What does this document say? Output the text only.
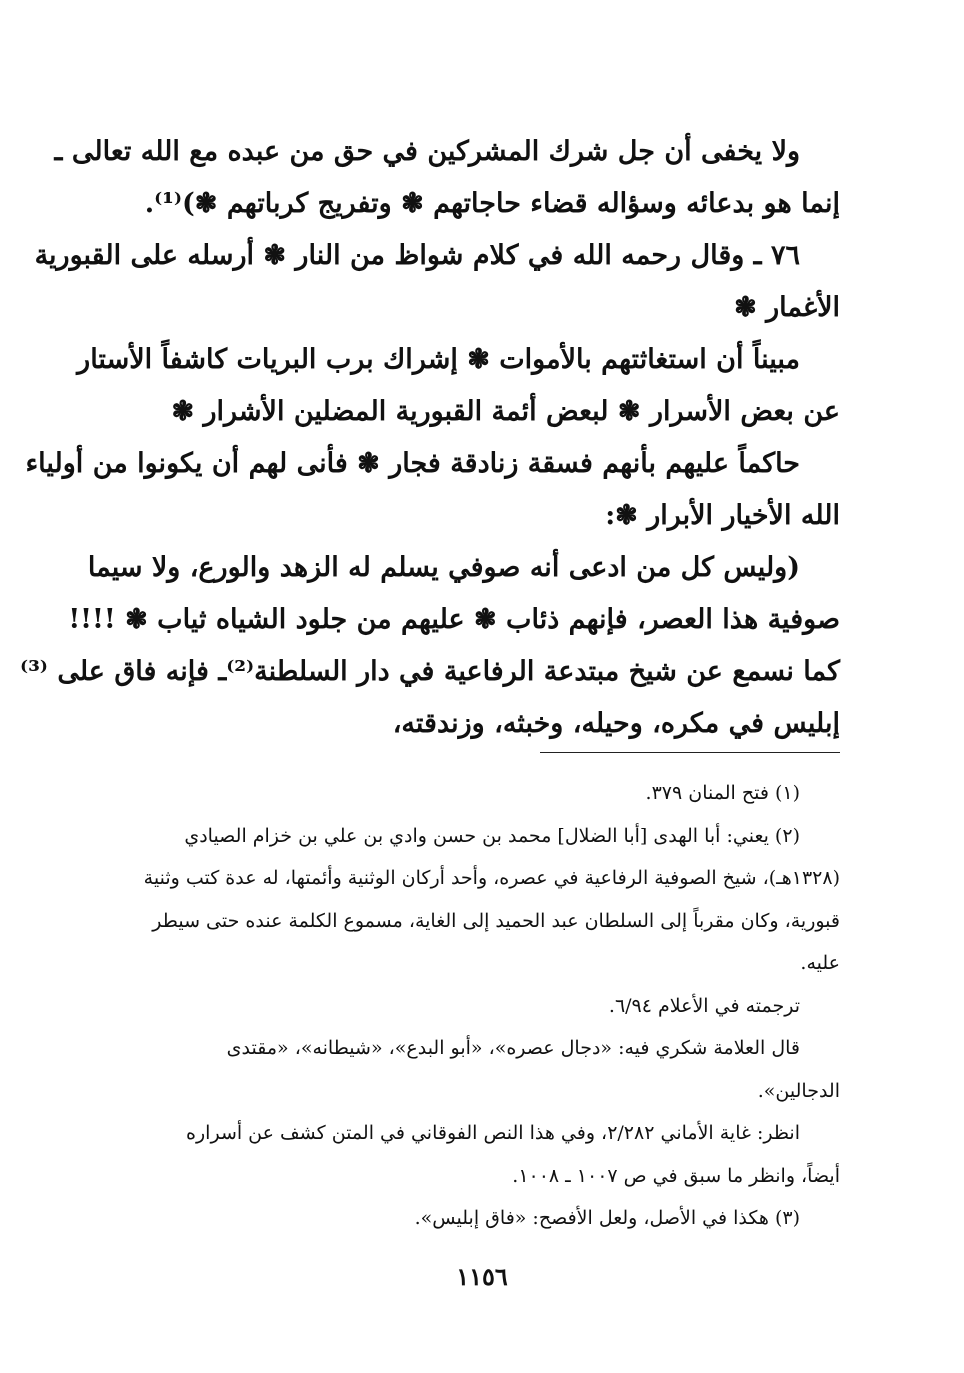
ولا يخفى أن جل شرك المشركين في حق من عبده مع الله تعالى ـ
إنما هو بدعائه وسؤاله قضاء حاجاتهم ❃ وتفريج كرباتهم ❃)⁽¹⁾.
٧٦ ـ وقال رحمه الله في كلام شواظ من النار ❃ أرسله على القبورية
الأغمار ❃
مبيناً أن استغاثتهم بالأموات ❃ إشراك برب البريات كاشفاً الأستار
عن بعض الأسرار ❃ لبعض أئمة القبورية المضلين الأشرار ❃
حاكماً عليهم بأنهم فسقة زنادقة فجار ❃ فأنى لهم أن يكونوا من أولياء
الله الأخيار الأبرار ❃:
(وليس كل من ادعى أنه صوفي يسلم له الزهد والورع، ولا سيما
صوفية هذا العصر، فإنهم ذئاب ❃ عليهم من جلود الشياه ثياب ❃ !!!!
كما نسمع عن شيخ مبتدعة الرفاعية في دار السلطنة⁽²⁾ـ فإنه فاق على ⁽³⁾
إبليس في مكره، وحيله، وخبثه، وزندقته،
(١) فتح المنان ٣٧٩.
(٢) يعني: أبا الهدى [أبا الضلال] محمد بن حسن وادي بن علي بن خزام الصيادي
(١٣٢٨هـ)، شيخ الصوفية الرفاعية في عصره، وأحد أركان الوثنية وأئمتها، له عدة كتب وثنية
قبورية، وكان مقرباً إلى السلطان عبد الحميد إلى الغاية، مسموع الكلمة عنده حتى سيطر
عليه.
ترجمته في الأعلام ٦/٩٤.
قال العلامة شكري فيه: «دجال عصره»، «أبو البدع»، «شيطانه»، «مقتدى
الدجالين».
انظر: غاية الأماني ٢/٢٨٢، وفي هذا النص الفوقاني في المتن كشف عن أسراره
أيضاً، وانظر ما سبق في ص ١٠٠٧ ـ ١٠٠٨.
(٣) هكذا في الأصل، ولعل الأفصح: «فاق إبليس».
١١٥٦
